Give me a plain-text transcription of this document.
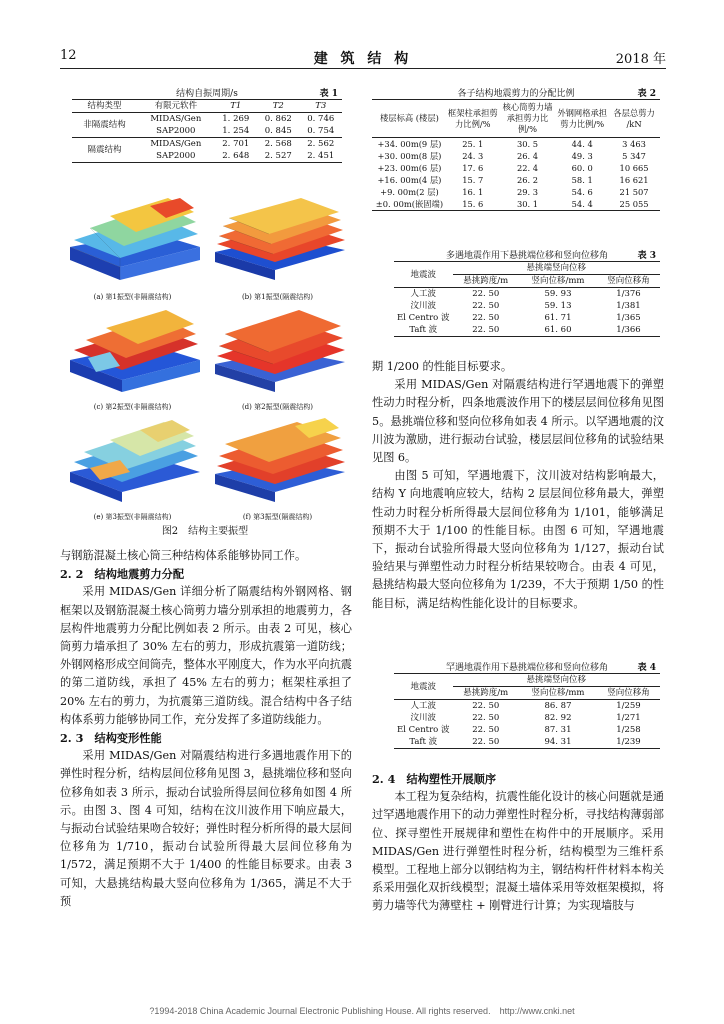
12	建 筑 结 构	2018 年
结构自振周期/s	表 1
结构类型	有限元软件	T1	T2	T3
非隔震结构	MIDAS/Gen	1. 269	0. 862	0. 746
	SAP2000	1. 254	0. 845	0. 754
隔震结构	MIDAS/Gen	2. 701	2. 568	2. 562
	SAP2000	2. 648	2. 527	2. 451
(a) 第1振型(非隔震结构)	(b) 第1振型(隔震结构)
(c) 第2振型(非隔震结构)	(d) 第2振型(隔震结构)
(e) 第3振型(非隔震结构)	(f) 第3振型(隔震结构)
图2　结构主要振型

与钢筋混凝土核心筒三种结构体系能够协同工作。

2. 2　结构地震剪力分配

采用 MIDAS/Gen 详细分析了隔震结构外钢网格、钢框架以及钢筋混凝土核心筒剪力墙分别承担的地震剪力，各层构件地震剪力分配比例如表 2 所示。由表 2 可见，核心筒剪力墙承担了 30% 左右的剪力，形成抗震第一道防线；外钢网格形成空间筒壳，整体水平刚度大，作为水平向抗震的第二道防线，承担了 45% 左右的剪力；框架柱承担了 20% 左右的剪力，为抗震第三道防线。混合结构中各子结构体系剪力能够协同工作，充分发挥了多道防线能力。

2. 3　结构变形性能

采用 MIDAS/Gen 对隔震结构进行多遇地震作用下的弹性时程分析，结构层间位移角见图 3，悬挑端位移和竖向位移角如表 3 所示，振动台试验所得层间位移角如图 4 所示。由图 3、图 4 可知，结构在汶川波作用下响应最大，与振动台试验结果吻合较好；弹性时程分析所得的最大层间位移角为 1/710，振动台试验所得最大层间位移角为 1/572，满足预期不大于 1/400 的性能目标要求。由表 3 可知，大悬挑结构最大竖向位移角为 1/365，满足不大于预

各子结构地震剪力的分配比例	表 2
楼层标高 (楼层)	框架柱承担剪力比例/%	核心筒剪力墙承担剪力比例/%	外钢网格承担剪力比例/%	各层总剪力 /kN
+34. 00m(9 层)	25. 1	30. 5	44. 4	3 463
+30. 00m(8 层)	24. 3	26. 4	49. 3	5 347
+23. 00m(6 层)	17. 6	22. 4	60. 0	10 665
+16. 00m(4 层)	15. 7	26. 2	58. 1	16 621
+9. 00m(2 层)	16. 1	29. 3	54. 6	21 507
±0. 00m(嵌固端)	15. 6	30. 1	54. 4	25 055
多遇地震作用下悬挑端位移和竖向位移角	表 3
地震波	悬挑端竖向位移		
	悬挑跨度/m	竖向位移/mm	竖向位移角
人工波	22. 50	59. 93	1/376
汶川波	22. 50	59. 13	1/381
El Centro 波	22. 50	61. 71	1/365
Taft 波	22. 50	61. 60	1/366

期 1/200 的性能目标要求。

采用 MIDAS/Gen 对隔震结构进行罕遇地震下的弹塑性动力时程分析，四条地震波作用下的楼层层间位移角见图 5。悬挑端位移和竖向位移角如表 4 所示。以罕遇地震的汶川波为激励，进行振动台试验，楼层层间位移角的试验结果见图 6。

由图 5 可知，罕遇地震下，汶川波对结构影响最大，结构 Y 向地震响应较大，结构 2 层层间位移角最大，弹塑性动力时程分析所得最大层间位移角为 1/101，能够满足预期不大于 1/100 的性能目标。由图 6 可知，罕遇地震下，振动台试验所得最大竖向位移角为 1/127，振动台试验结果与弹塑性动力时程分析结果较吻合。由表 4 可见，悬挑结构最大竖向位移角为 1/239，不大于预期 1/50 的性能目标，满足结构性能化设计的目标要求。

罕遇地震作用下悬挑端位移和竖向位移角	表 4
地震波	悬挑端竖向位移		
	悬挑跨度/m	竖向位移/mm	竖向位移角
人工波	22. 50	86. 87	1/259
汶川波	22. 50	82. 92	1/271
El Centro 波	22. 50	87. 31	1/258
Taft 波	22. 50	94. 31	1/239
2. 4　结构塑性开展顺序

本工程为复杂结构，抗震性能化设计的核心问题就是通过罕遇地震作用下的动力弹塑性时程分析，寻找结构薄弱部位、探寻塑性开展规律和塑性在构件中的开展顺序。采用 MIDAS/Gen 进行弹塑性时程分析，结构模型为三维杆系模型。工程地上部分以钢结构为主，钢结构杆件材料本构关系采用强化双折线模型；混凝土墙体采用等效框架模拟，将剪力墙等代为薄壁柱 + 刚臂进行计算；为实现墙肢与

?1994-2018 China Academic Journal Electronic Publishing House. All rights reserved.　http://www.cnki.net
